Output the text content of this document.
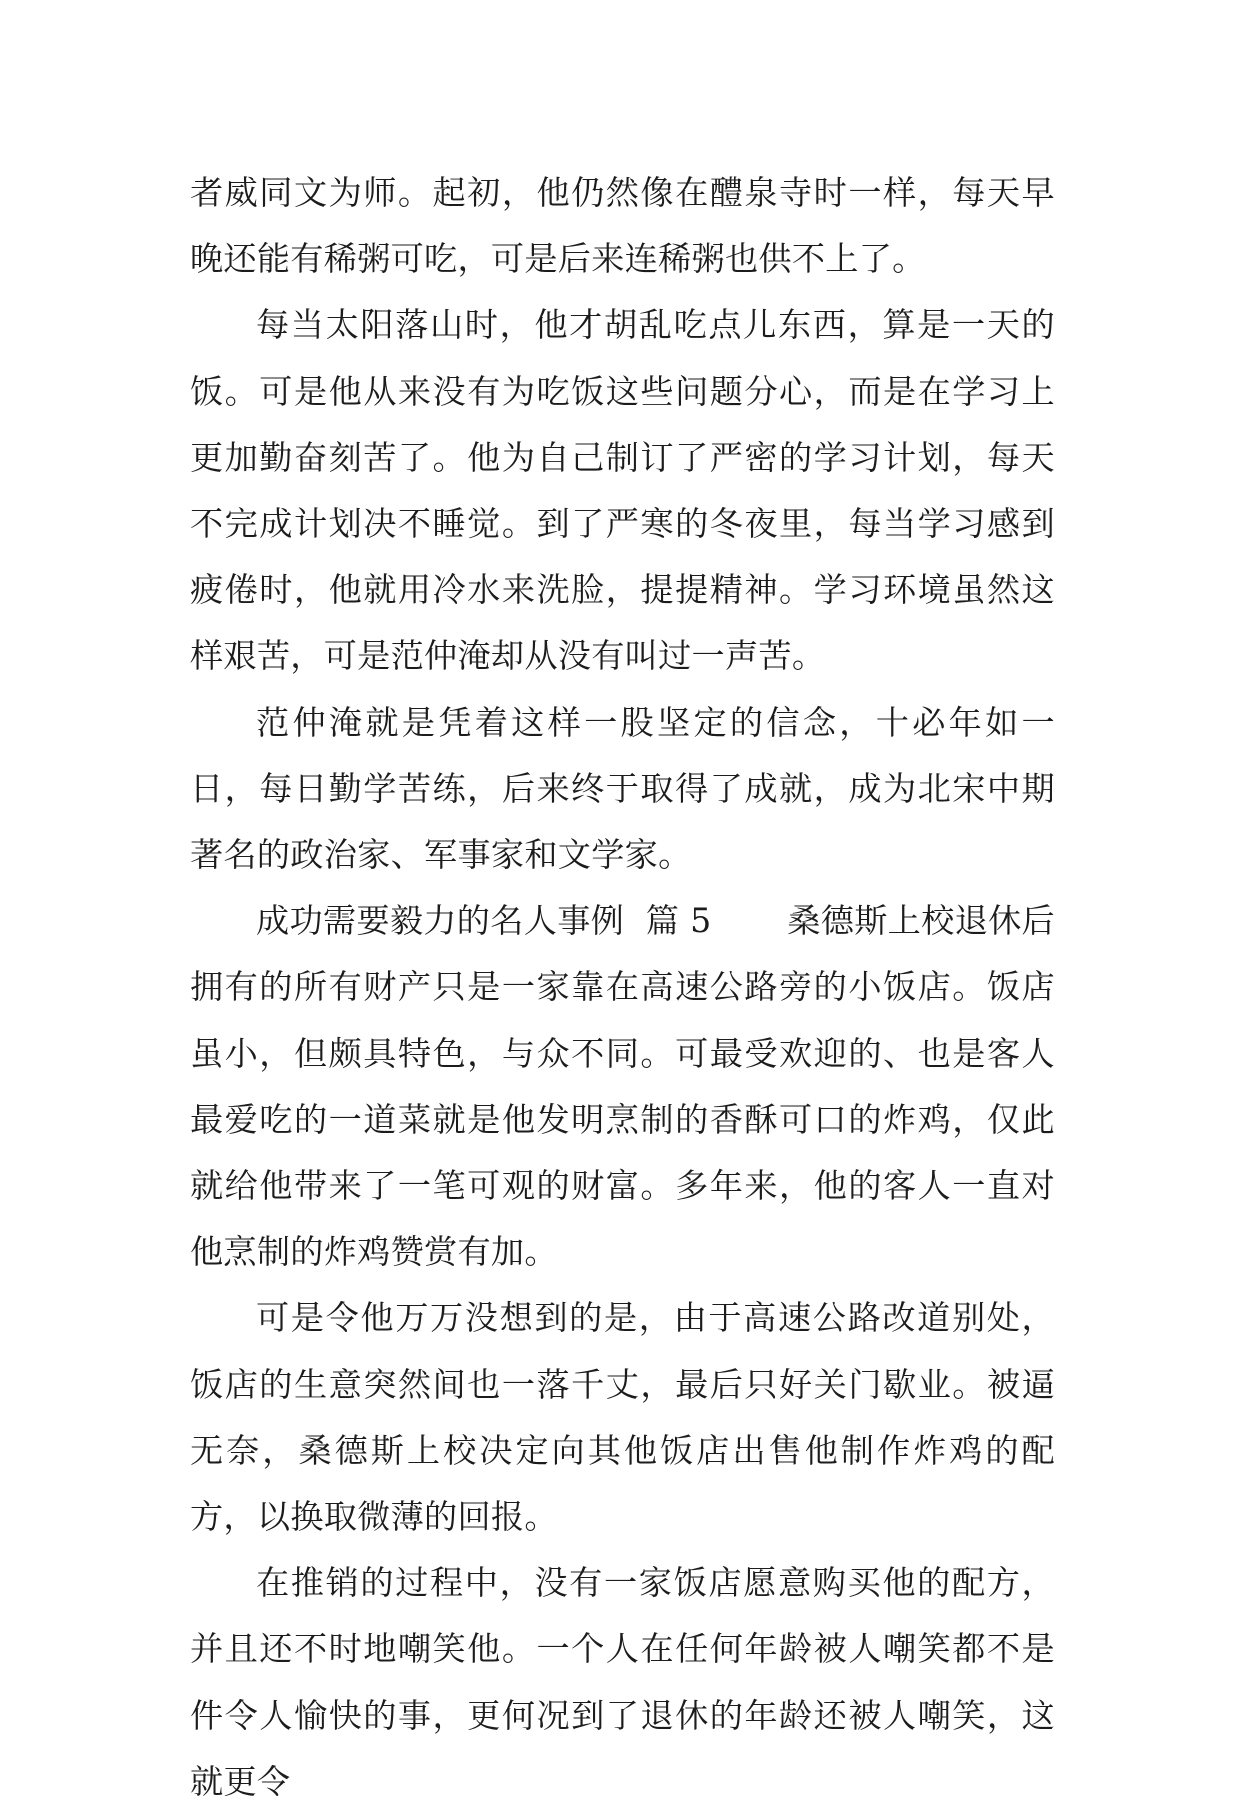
者威同文为师。起初，他仍然像在醴泉寺时一样，每天早晚还能有稀粥可吃，可是后来连稀粥也供不上了。

每当太阳落山时，他才胡乱吃点儿东西，算是一天的饭。可是他从来没有为吃饭这些问题分心，而是在学习上更加勤奋刻苦了。他为自己制订了严密的学习计划，每天不完成计划决不睡觉。到了严寒的冬夜里，每当学习感到疲倦时，他就用冷水来洗脸，提提精神。学习环境虽然这样艰苦，可是范仲淹却从没有叫过一声苦。

范仲淹就是凭着这样一股坚定的信念，十必年如一日，每日勤学苦练，后来终于取得了成就，成为北宋中期著名的政治家、军事家和文学家。

成功需要毅力的名人事例  篇 5       桑德斯上校退休后拥有的所有财产只是一家靠在高速公路旁的小饭店。饭店虽小，但颇具特色，与众不同。可最受欢迎的、也是客人最爱吃的一道菜就是他发明烹制的香酥可口的炸鸡，仅此就给他带来了一笔可观的财富。多年来，他的客人一直对他烹制的炸鸡赞赏有加。

可是令他万万没想到的是，由于高速公路改道别处，饭店的生意突然间也一落千丈，最后只好关门歇业。被逼无奈，桑德斯上校决定向其他饭店出售他制作炸鸡的配方，以换取微薄的回报。

在推销的过程中，没有一家饭店愿意购买他的配方，并且还不时地嘲笑他。一个人在任何年龄被人嘲笑都不是件令人愉快的事，更何况到了退休的年龄还被人嘲笑，这就更令
